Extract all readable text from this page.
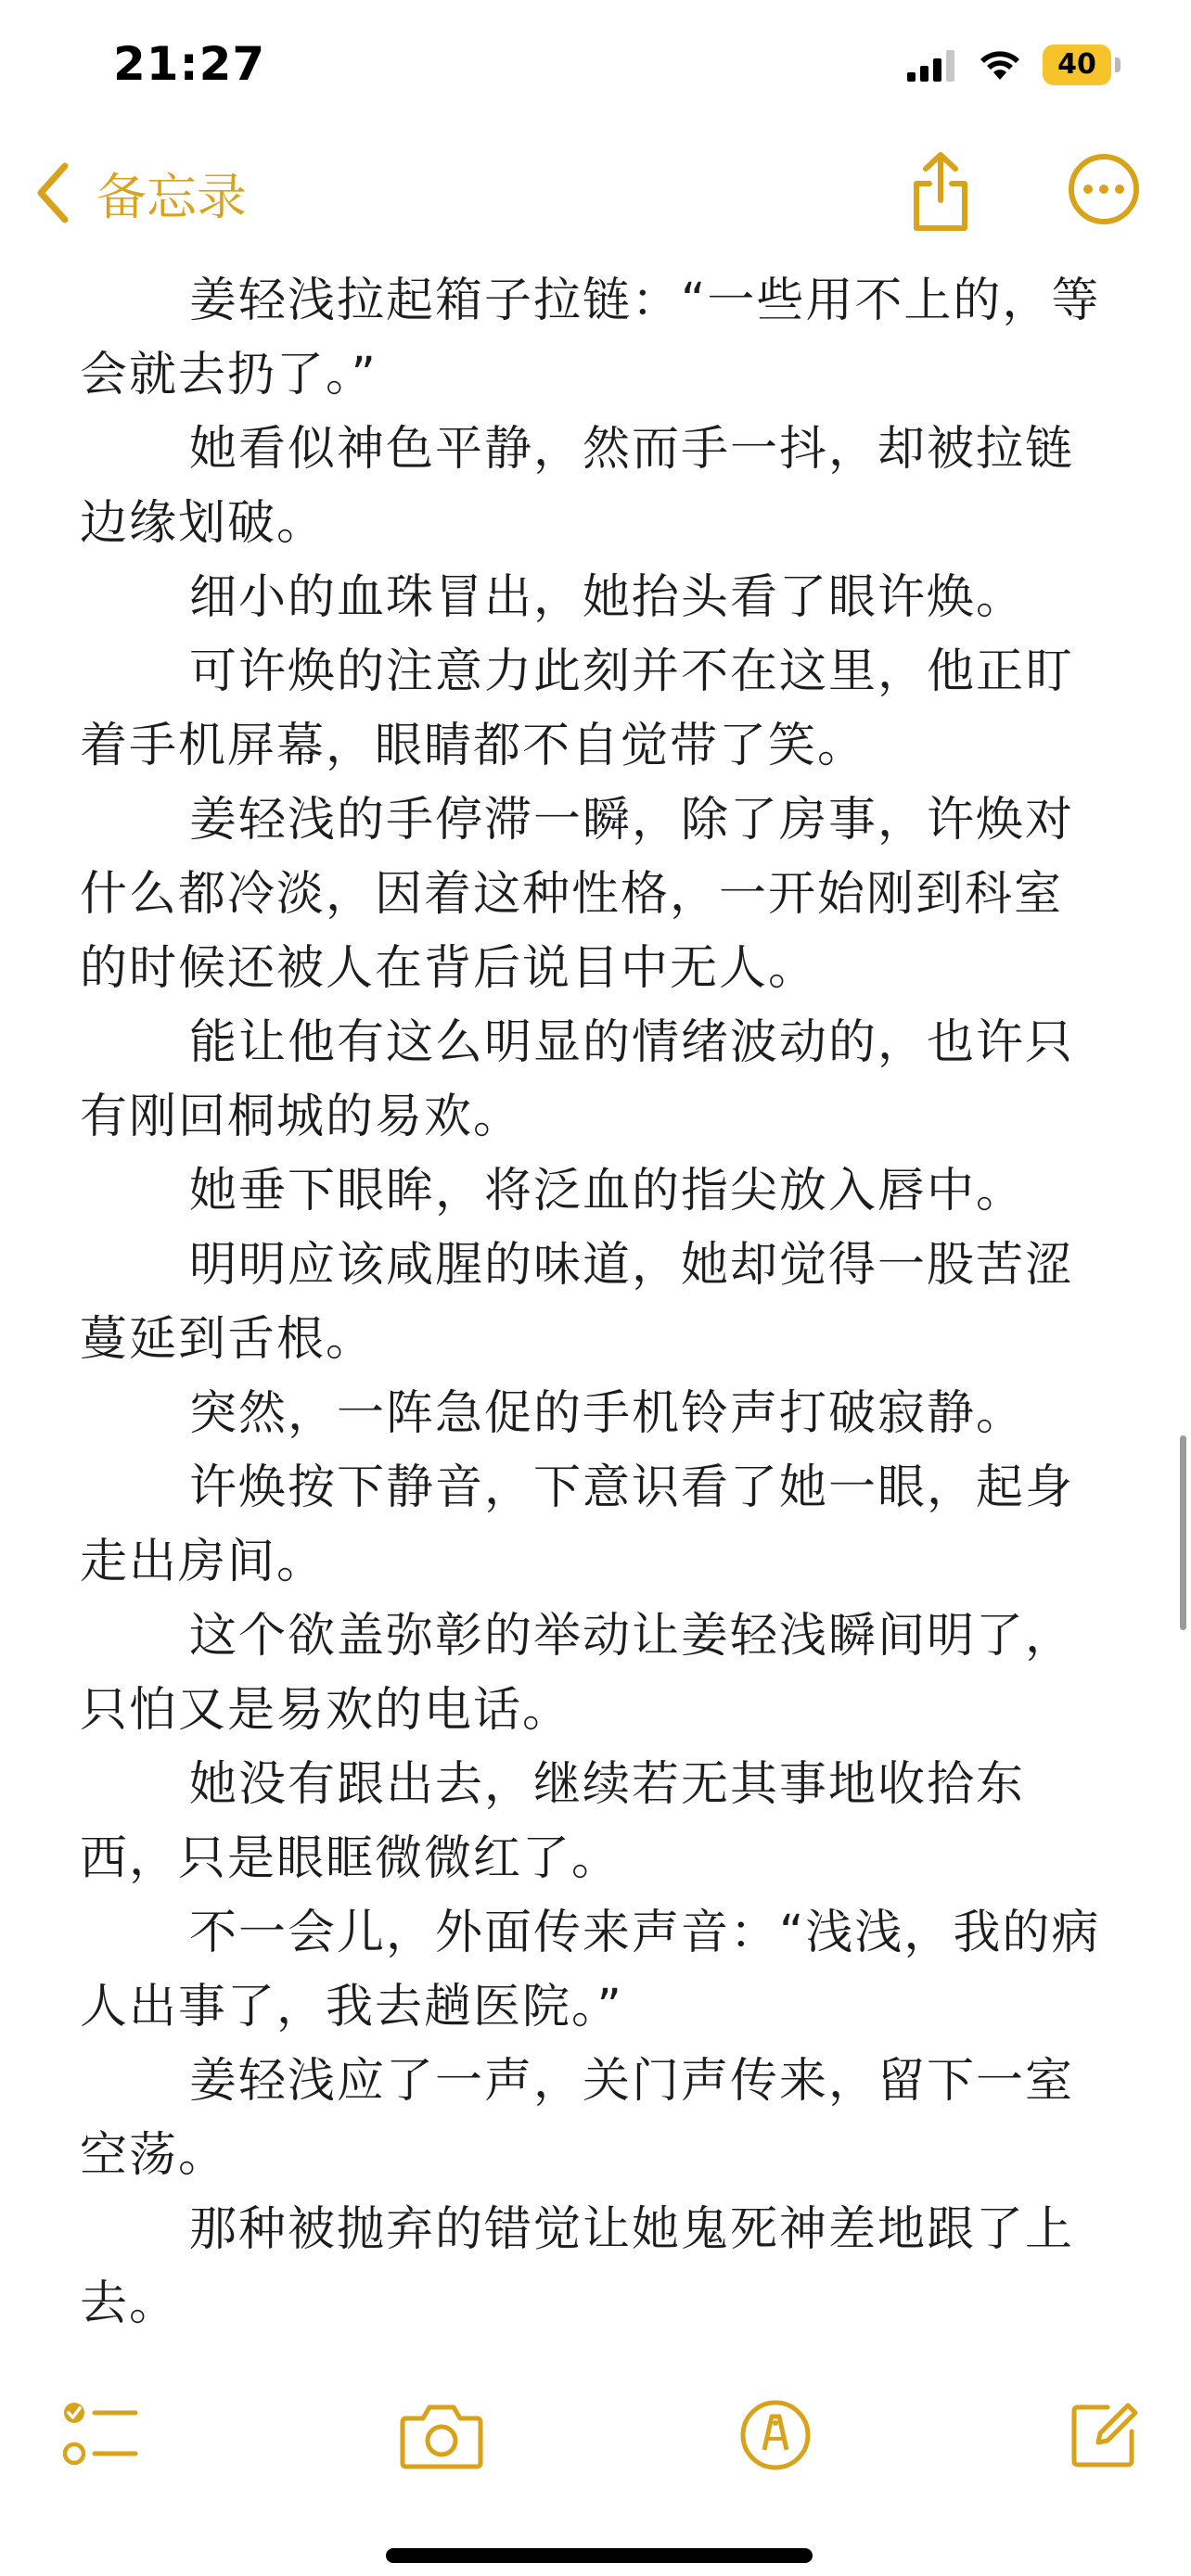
21:27	40
备忘录

姜轻浅拉起箱子拉链：“一些用不上的，等会就去扔了。”

她看似神色平静，然而手一抖，却被拉链边缘划破。

细小的血珠冒出，她抬头看了眼许焕。

可许焕的注意力此刻并不在这里，他正盯着手机屏幕，眼睛都不自觉带了笑。

姜轻浅的手停滞一瞬，除了房事，许焕对什么都冷淡，因着这种性格，一开始刚到科室的时候还被人在背后说目中无人。

能让他有这么明显的情绪波动的，也许只有刚回桐城的易欢。

她垂下眼眸，将泛血的指尖放入唇中。

明明应该咸腥的味道，她却觉得一股苦涩蔓延到舌根。

突然，一阵急促的手机铃声打破寂静。

许焕按下静音，下意识看了她一眼，起身走出房间。

这个欲盖弥彰的举动让姜轻浅瞬间明了，只怕又是易欢的电话。

她没有跟出去，继续若无其事地收拾东西，只是眼眶微微红了。

不一会儿，外面传来声音：“浅浅，我的病人出事了，我去趟医院。”

姜轻浅应了一声，关门声传来，留下一室空荡。

那种被抛弃的错觉让她鬼死神差地跟了上去。
